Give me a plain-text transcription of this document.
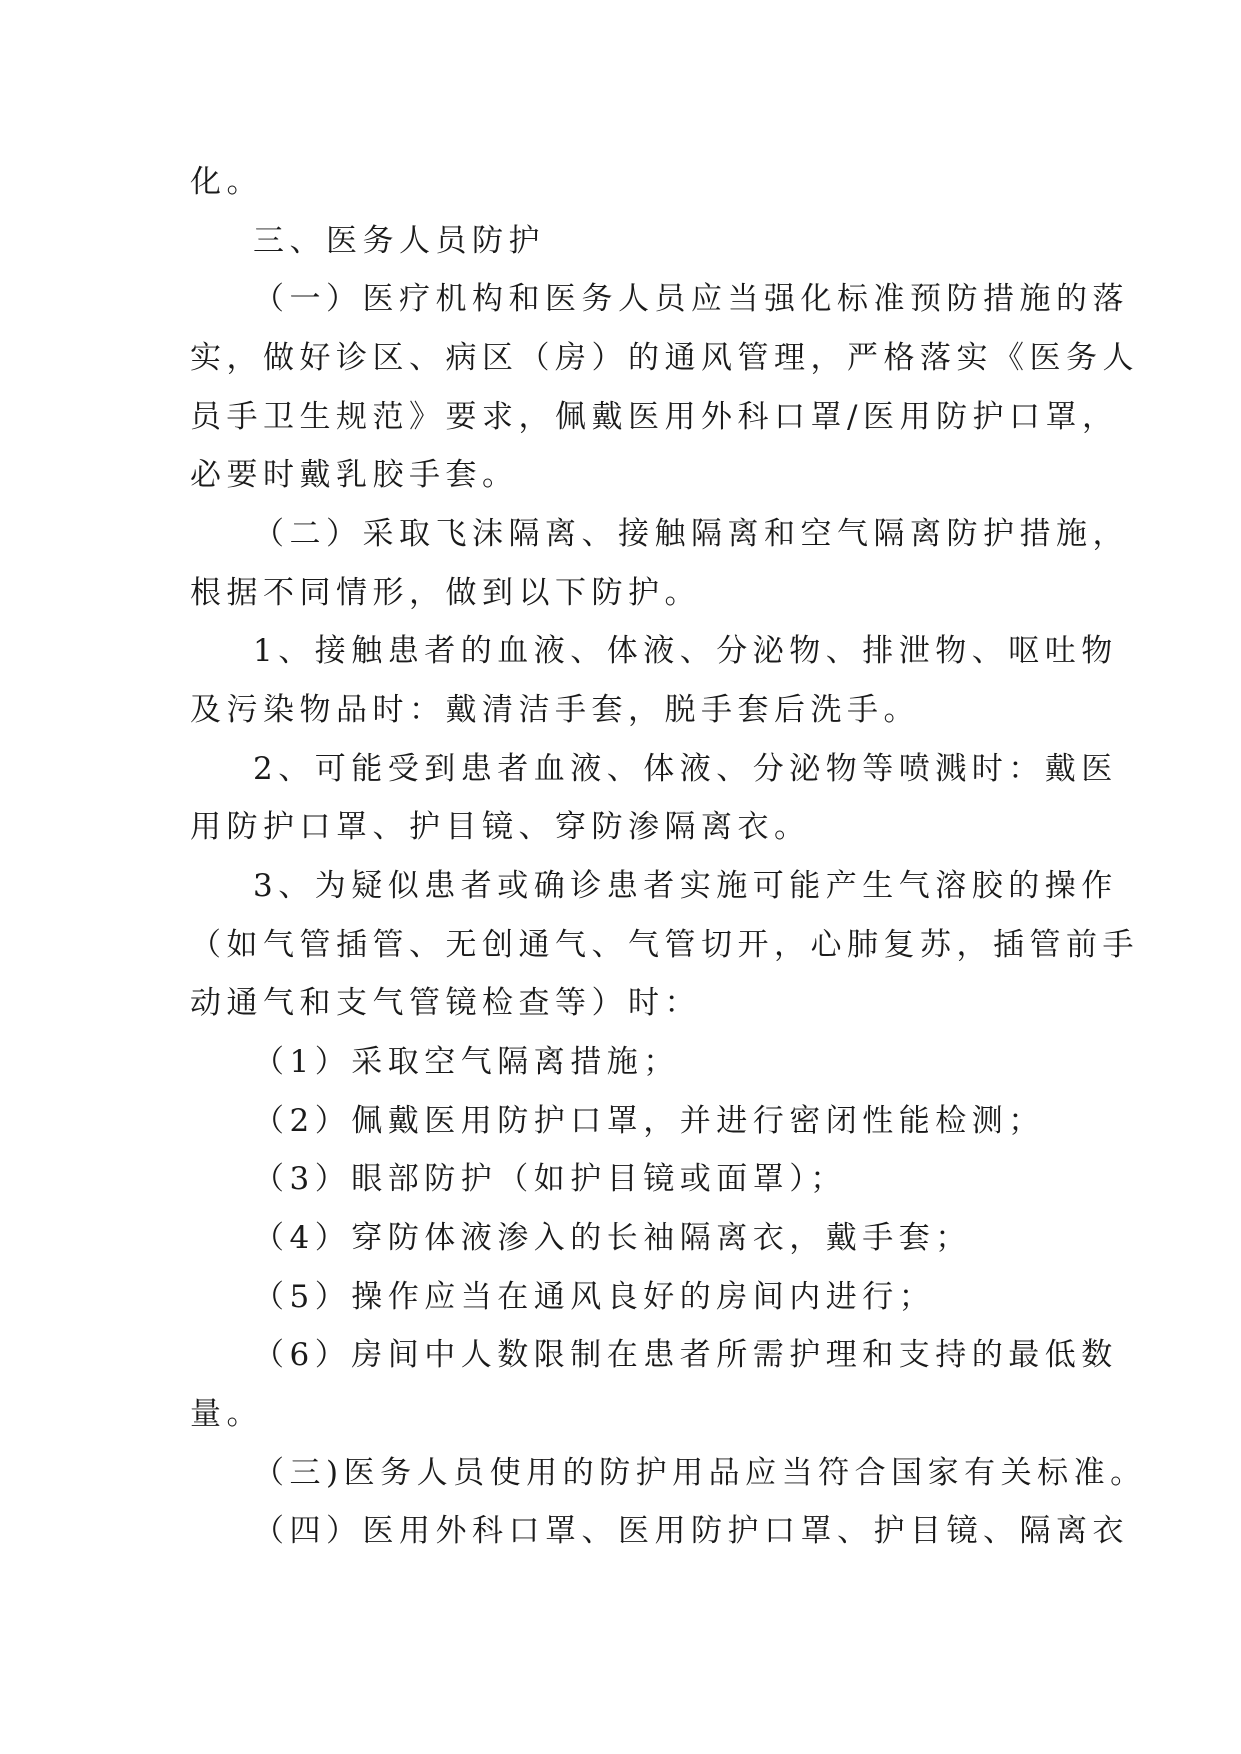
化。
三、医务人员防护
（一）医疗机构和医务人员应当强化标准预防措施的落
实，做好诊区、病区（房）的通风管理，严格落实《医务人
员手卫生规范》要求，佩戴医用外科口罩/医用防护口罩，
必要时戴乳胶手套。
（二）采取飞沫隔离、接触隔离和空气隔离防护措施，
根据不同情形，做到以下防护。
1、接触患者的血液、体液、分泌物、排泄物、呕吐物
及污染物品时：戴清洁手套，脱手套后洗手。
2、可能受到患者血液、体液、分泌物等喷溅时：戴医
用防护口罩、护目镜、穿防渗隔离衣。
3、为疑似患者或确诊患者实施可能产生气溶胶的操作
（如气管插管、无创通气、气管切开，心肺复苏，插管前手
动通气和支气管镜检查等）时：
（1）采取空气隔离措施；
（2）佩戴医用防护口罩，并进行密闭性能检测；
（3）眼部防护（如护目镜或面罩）；
（4）穿防体液渗入的长袖隔离衣，戴手套；
（5）操作应当在通风良好的房间内进行；
（6）房间中人数限制在患者所需护理和支持的最低数
量。
（三)医务人员使用的防护用品应当符合国家有关标准。
（四）医用外科口罩、医用防护口罩、护目镜、隔离衣
